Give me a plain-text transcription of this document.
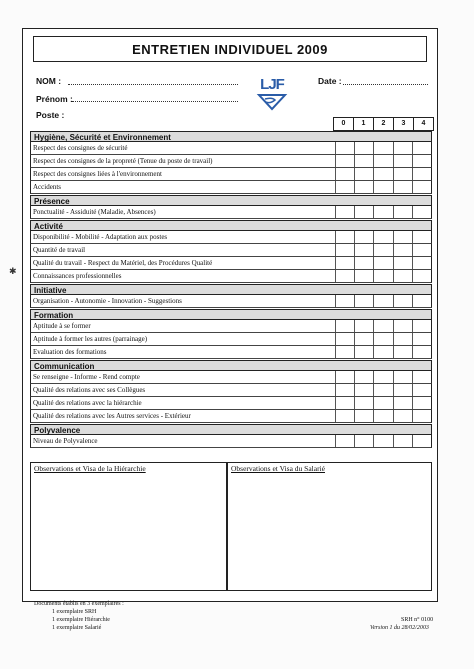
ENTRETIEN INDIVIDUEL 2009
NOM :
Prénom :
Poste :
Date :
LJF
0	1	2	3	4
Hygiène, Sécurité et Environnement
Respect des consignes de sécurité
Respect des consignes de la propreté (Tenue du poste de travail)
Respect des consignes liées à l'environnement
Accidents
Présence
Ponctualité - Assiduité (Maladie, Absences)
Activité
Disponibilité - Mobilité - Adaptation aux postes
Quantité de travail
Qualité du travail - Respect du Matériel, des Procédures Qualité
Connaissances professionnelles
Initiative
Organisation - Autonomie - Innovation - Suggestions
Formation
Aptitude à se former
Aptitude à former les autres (parrainage)
Evaluation des formations
Communication
Se renseigne - Informe - Rend compte
Qualité des relations avec ses Collègues
Qualité des relations avec la hiérarchie
Qualité des relations avec les Autres services - Extérieur
Polyvalence
Niveau de Polyvalence
Observations et Visa de la Hiérarchie	Observations et Visa du Salarié
Documents établis en 3 exemplaires :
1 exemplaire SRH
1 exemplaire Hiérarchie
1 exemplaire Salarié
SRH n° 0100
Version 1 du 28/02/2003
✱
